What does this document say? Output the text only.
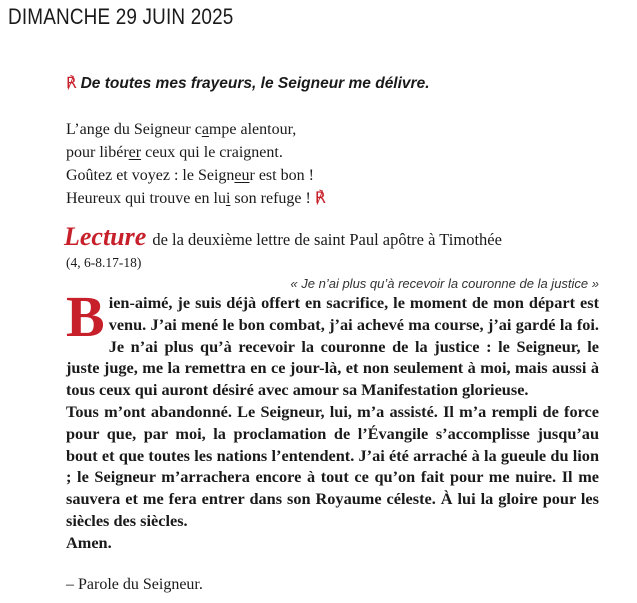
DIMANCHE 29 JUIN 2025
℟ De toutes mes frayeurs, le Seigneur me délivre.
L’ange du Seigneur campe alentour,
pour libérer ceux qui le craignent.
Goûtez et voyez : le Seigneur est bon !
Heureux qui trouve en lui son refuge ! ℟
Lecture de la deuxième lettre de saint Paul apôtre à Timothée
(4, 6-8.17-18)
« Je n’ai plus qu’à recevoir la couronne de la justice »

Bien-aimé, je suis déjà offert en sacrifice, le moment de mon départ est venu. J’ai mené le bon combat, j’ai achevé ma course, j’ai gardé la foi. Je n’ai plus qu’à recevoir la couronne de la justice : le Seigneur, le juste juge, me la remettra en ce jour-là, et non seulement à moi, mais aussi à tous ceux qui auront désiré avec amour sa Manifestation glorieuse.

Tous m’ont abandonné. Le Seigneur, lui, m’a assisté. Il m’a rempli de force pour que, par moi, la proclamation de l’Évangile s’accomplisse jusqu’au bout et que toutes les nations l’entendent. J’ai été arraché à la gueule du lion ; le Seigneur m’arrachera encore à tout ce qu’on fait pour me nuire. Il me sauvera et me fera entrer dans son Royaume céleste. À lui la gloire pour les siècles des siècles.

Amen.

– Parole du Seigneur.
